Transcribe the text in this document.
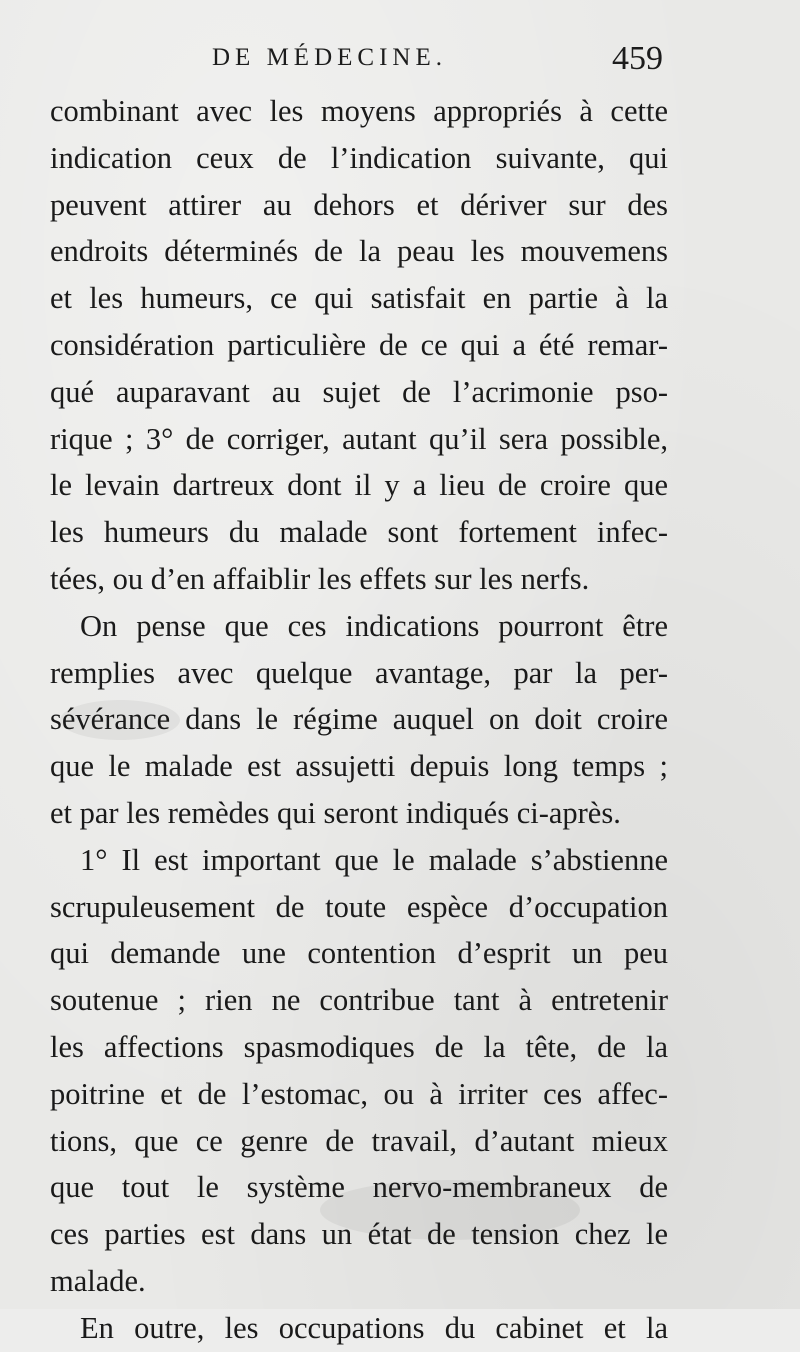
DE MÉDECINE.	459
combinant avec les moyens appropriés à cette
indication ceux de l’indication suivante, qui
peuvent attirer au dehors et dériver sur des
endroits déterminés de la peau les mouvemens
et les humeurs, ce qui satisfait en partie à la
considération particulière de ce qui a été remar-
qué auparavant au sujet de l’acrimonie pso-
rique ; 3° de corriger, autant qu’il sera possible,
le levain dartreux dont il y a lieu de croire que
les humeurs du malade sont fortement infec-
tées, ou d’en affaiblir les effets sur les nerfs.
On pense que ces indications pourront être
remplies avec quelque avantage, par la per-
sévérance dans le régime auquel on doit croire
que le malade est assujetti depuis long temps ;
et par les remèdes qui seront indiqués ci-après.
1° Il est important que le malade s’abstienne
scrupuleusement de toute espèce d’occupation
qui demande une contention d’esprit un peu
soutenue ; rien ne contribue tant à entretenir
les affections spasmodiques de la tête, de la
poitrine et de l’estomac, ou à irriter ces affec-
tions, que ce genre de travail, d’autant mieux
que tout le système nervo-membraneux de
ces parties est dans un état de tension chez le
malade.
En outre, les occupations du cabinet et la
